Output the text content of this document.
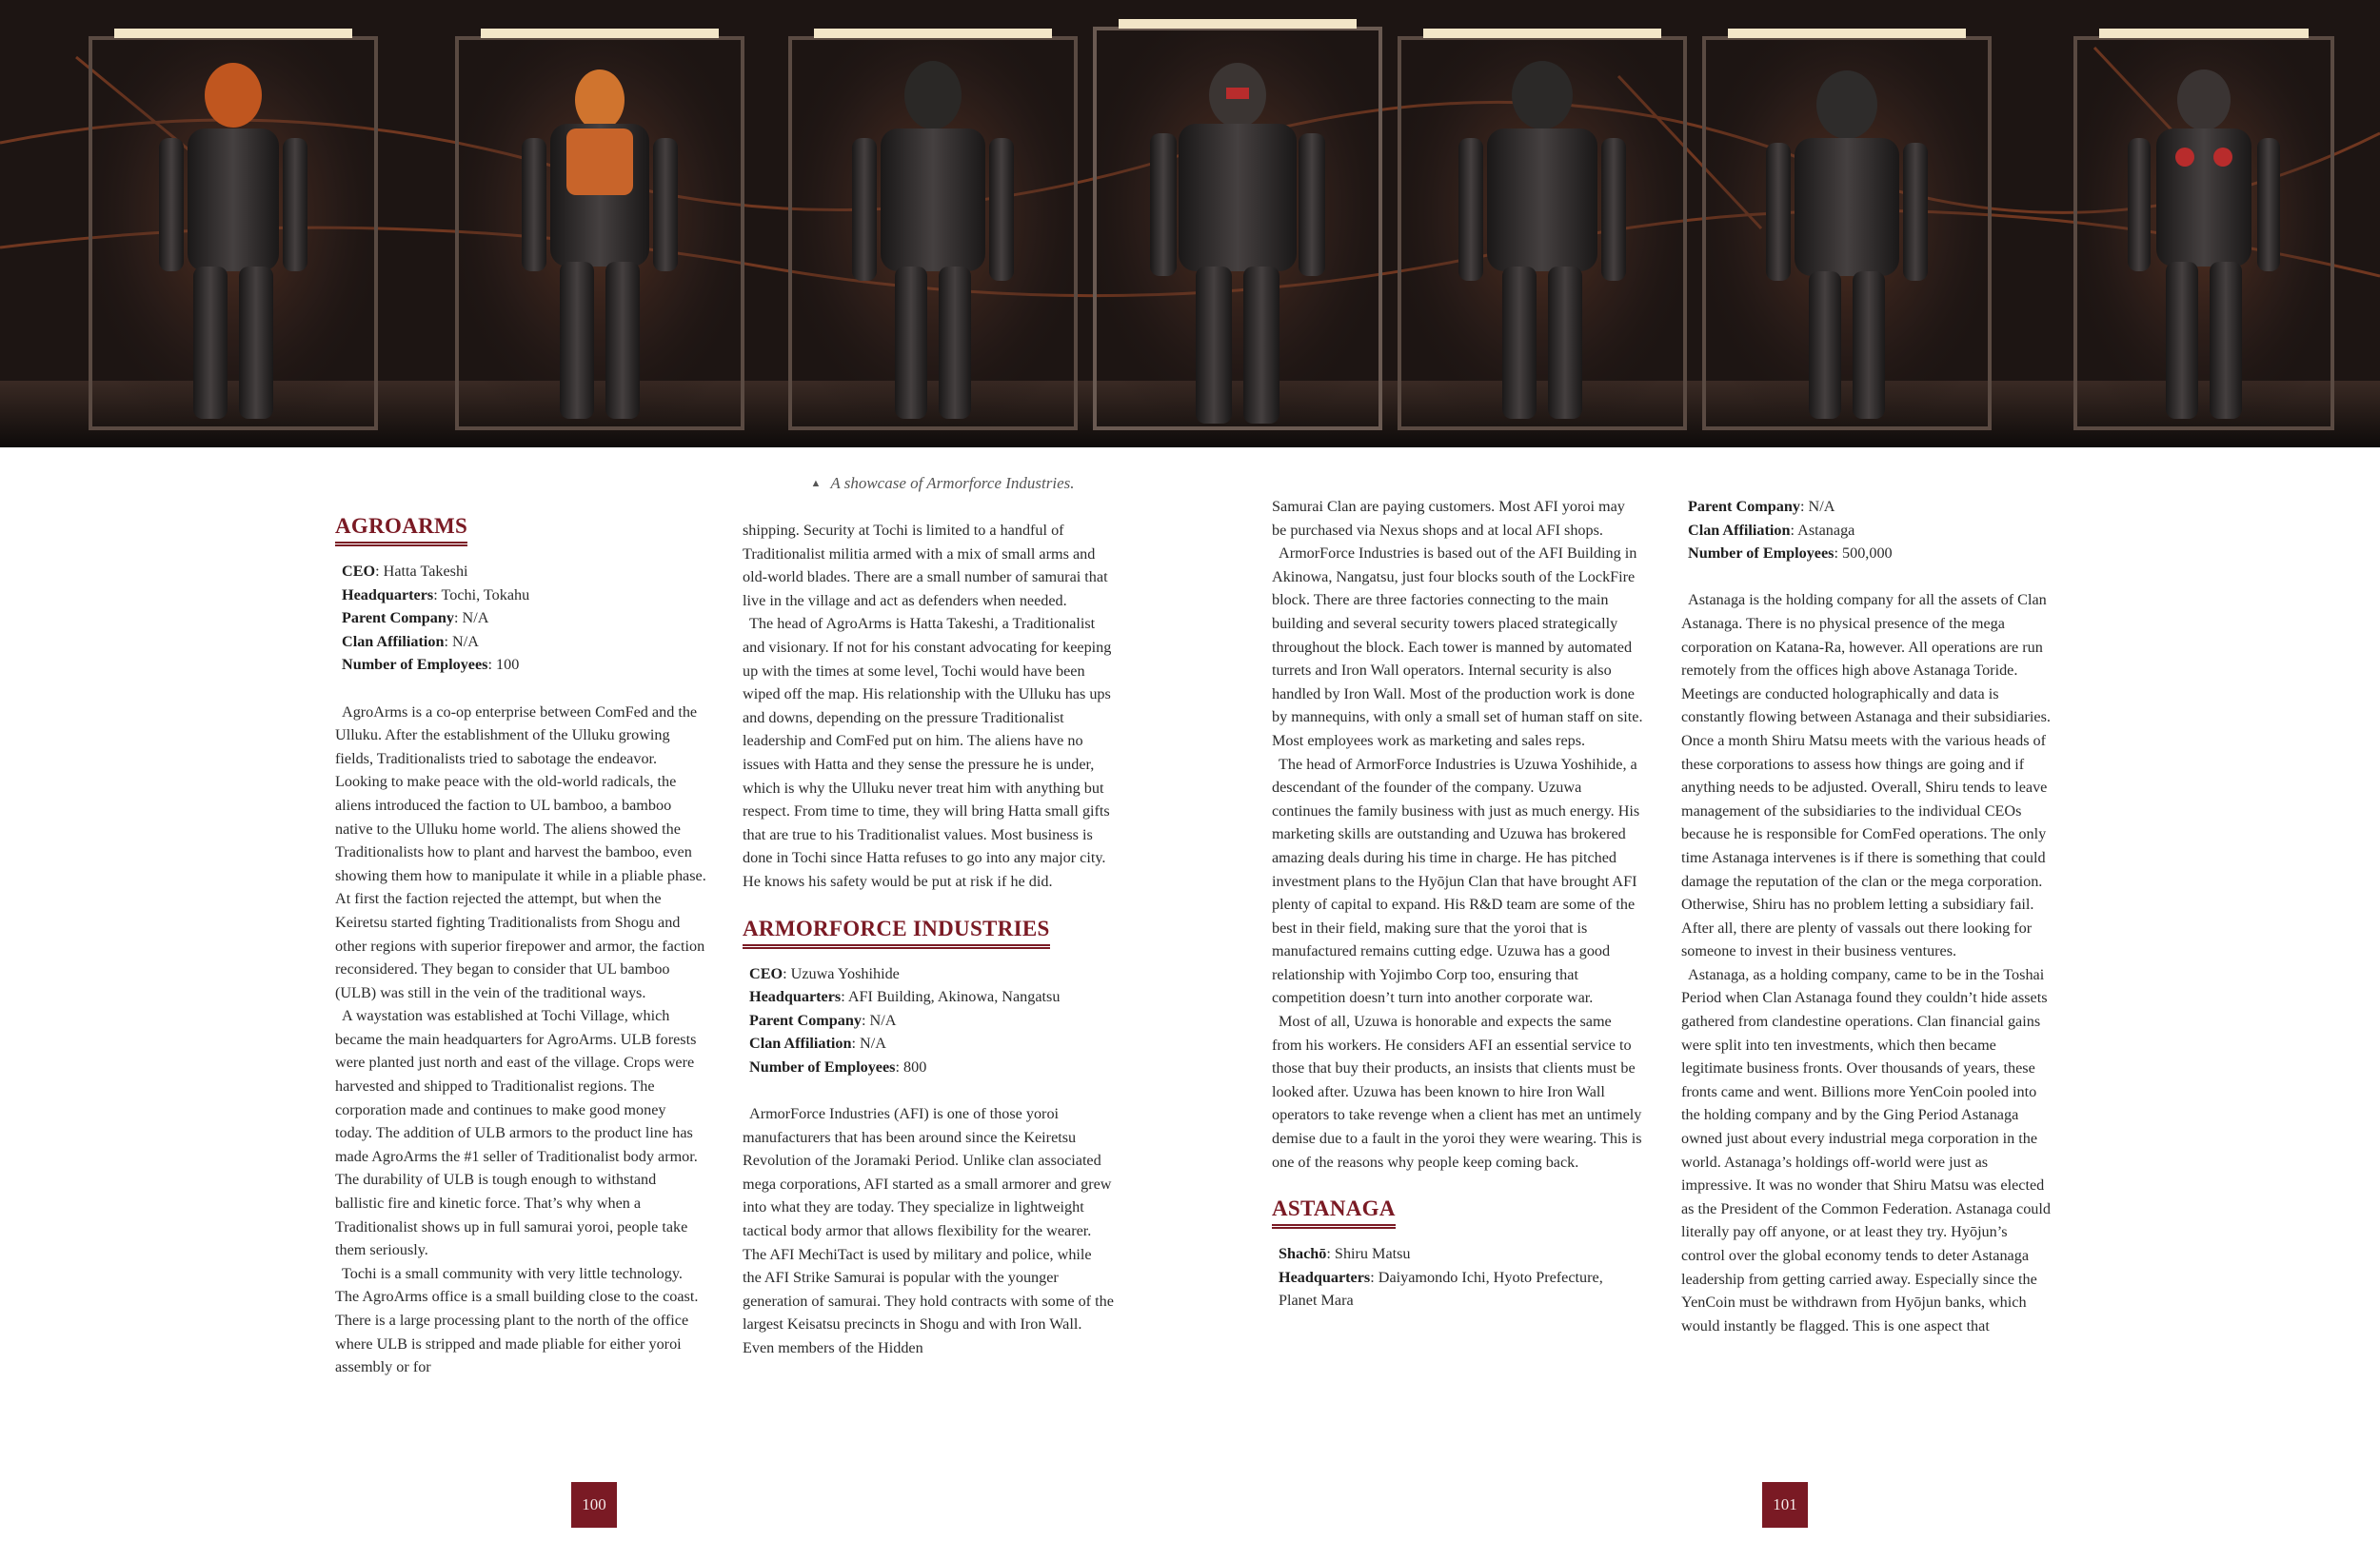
▲ A showcase of Armorforce Industries.
AGROARMS
CEO: Hatta Takeshi
Headquarters: Tochi, Tokahu
Parent Company: N/A
Clan Affiliation: N/A
Number of Employees: 100

AgroArms is a co-op enterprise between ComFed and the Ulluku. After the establishment of the Ulluku growing fields, Traditionalists tried to sabotage the endeavor. Looking to make peace with the old-world radicals, the aliens introduced the faction to UL bamboo, a bamboo native to the Ulluku home world. The aliens showed the Traditionalists how to plant and harvest the bamboo, even showing them how to manipulate it while in a pliable phase. At first the faction rejected the attempt, but when the Keiretsu started fighting Traditionalists from Shogu and other regions with superior firepower and armor, the faction reconsidered. They began to consider that UL bamboo (ULB) was still in the vein of the traditional ways.

A waystation was established at Tochi Village, which became the main headquarters for AgroArms. ULB forests were planted just north and east of the village. Crops were harvested and shipped to Traditionalist regions. The corporation made and continues to make good money today. The addition of ULB armors to the product line has made AgroArms the #1 seller of Traditionalist body armor. The durability of ULB is tough enough to withstand ballistic fire and kinetic force. That’s why when a Traditionalist shows up in full samurai yoroi, people take them seriously.

Tochi is a small community with very little technology. The AgroArms office is a small building close to the coast. There is a large processing plant to the north of the office where ULB is stripped and made pliable for either yoroi assembly or for

shipping. Security at Tochi is limited to a handful of Traditionalist militia armed with a mix of small arms and old-world blades. There are a small number of samurai that live in the village and act as defenders when needed.

The head of AgroArms is Hatta Takeshi, a Traditionalist and visionary. If not for his constant advocating for keeping up with the times at some level, Tochi would have been wiped off the map. His relationship with the Ulluku has ups and downs, depending on the pressure Traditionalist leadership and ComFed put on him. The aliens have no issues with Hatta and they sense the pressure he is under, which is why the Ulluku never treat him with anything but respect. From time to time, they will bring Hatta small gifts that are true to his Traditionalist values. Most business is done in Tochi since Hatta refuses to go into any major city. He knows his safety would be put at risk if he did.

ARMORFORCE INDUSTRIES
CEO: Uzuwa Yoshihide
Headquarters: AFI Building, Akinowa, Nangatsu
Parent Company: N/A
Clan Affiliation: N/A
Number of Employees: 800

ArmorForce Industries (AFI) is one of those yoroi manufacturers that has been around since the Keiretsu Revolution of the Joramaki Period. Unlike clan associated mega corporations, AFI started as a small armorer and grew into what they are today. They specialize in lightweight tactical body armor that allows flexibility for the wearer. The AFI MechiTact is used by military and police, while the AFI Strike Samurai is popular with the younger generation of samurai. They hold contracts with some of the largest Keisatsu precincts in Shogu and with Iron Wall. Even members of the Hidden

Samurai Clan are paying customers. Most AFI yoroi may be purchased via Nexus shops and at local AFI shops.

ArmorForce Industries is based out of the AFI Building in Akinowa, Nangatsu, just four blocks south of the LockFire block. There are three factories connecting to the main building and several security towers placed strategically throughout the block. Each tower is manned by automated turrets and Iron Wall operators. Internal security is also handled by Iron Wall. Most of the production work is done by mannequins, with only a small set of human staff on site. Most employees work as marketing and sales reps.

The head of ArmorForce Industries is Uzuwa Yoshihide, a descendant of the founder of the company. Uzuwa continues the family business with just as much energy. His marketing skills are outstanding and Uzuwa has brokered amazing deals during his time in charge. He has pitched investment plans to the Hyōjun Clan that have brought AFI plenty of capital to expand. His R&D team are some of the best in their field, making sure that the yoroi that is manufactured remains cutting edge. Uzuwa has a good relationship with Yojimbo Corp too, ensuring that competition doesn’t turn into another corporate war.

Most of all, Uzuwa is honorable and expects the same from his workers. He considers AFI an essential service to those that buy their products, an insists that clients must be looked after. Uzuwa has been known to hire Iron Wall operators to take revenge when a client has met an untimely demise due to a fault in the yoroi they were wearing. This is one of the reasons why people keep coming back.

ASTANAGA
Shachō: Shiru Matsu
Headquarters: Daiyamondo Ichi, Hyoto Prefecture, Planet Mara
Parent Company: N/A
Clan Affiliation: Astanaga
Number of Employees: 500,000

Astanaga is the holding company for all the assets of Clan Astanaga. There is no physical presence of the mega corporation on Katana-Ra, however. All operations are run remotely from the offices high above Astanaga Toride. Meetings are conducted holographically and data is constantly flowing between Astanaga and their subsidiaries. Once a month Shiru Matsu meets with the various heads of these corporations to assess how things are going and if anything needs to be adjusted. Overall, Shiru tends to leave management of the subsidiaries to the individual CEOs because he is responsible for ComFed operations. The only time Astanaga intervenes is if there is something that could damage the reputation of the clan or the mega corporation. Otherwise, Shiru has no problem letting a subsidiary fail. After all, there are plenty of vassals out there looking for someone to invest in their business ventures.

Astanaga, as a holding company, came to be in the Toshai Period when Clan Astanaga found they couldn’t hide assets gathered from clandestine operations. Clan financial gains were split into ten investments, which then became legitimate business fronts. Over thousands of years, these fronts came and went. Billions more YenCoin pooled into the holding company and by the Ging Period Astanaga owned just about every industrial mega corporation in the world. Astanaga’s holdings off-world were just as impressive. It was no wonder that Shiru Matsu was elected as the President of the Common Federation. Astanaga could literally pay off anyone, or at least they try. Hyōjun’s control over the global economy tends to deter Astanaga leadership from getting carried away. Especially since the YenCoin must be withdrawn from Hyōjun banks, which would instantly be flagged. This is one aspect that

100	101
